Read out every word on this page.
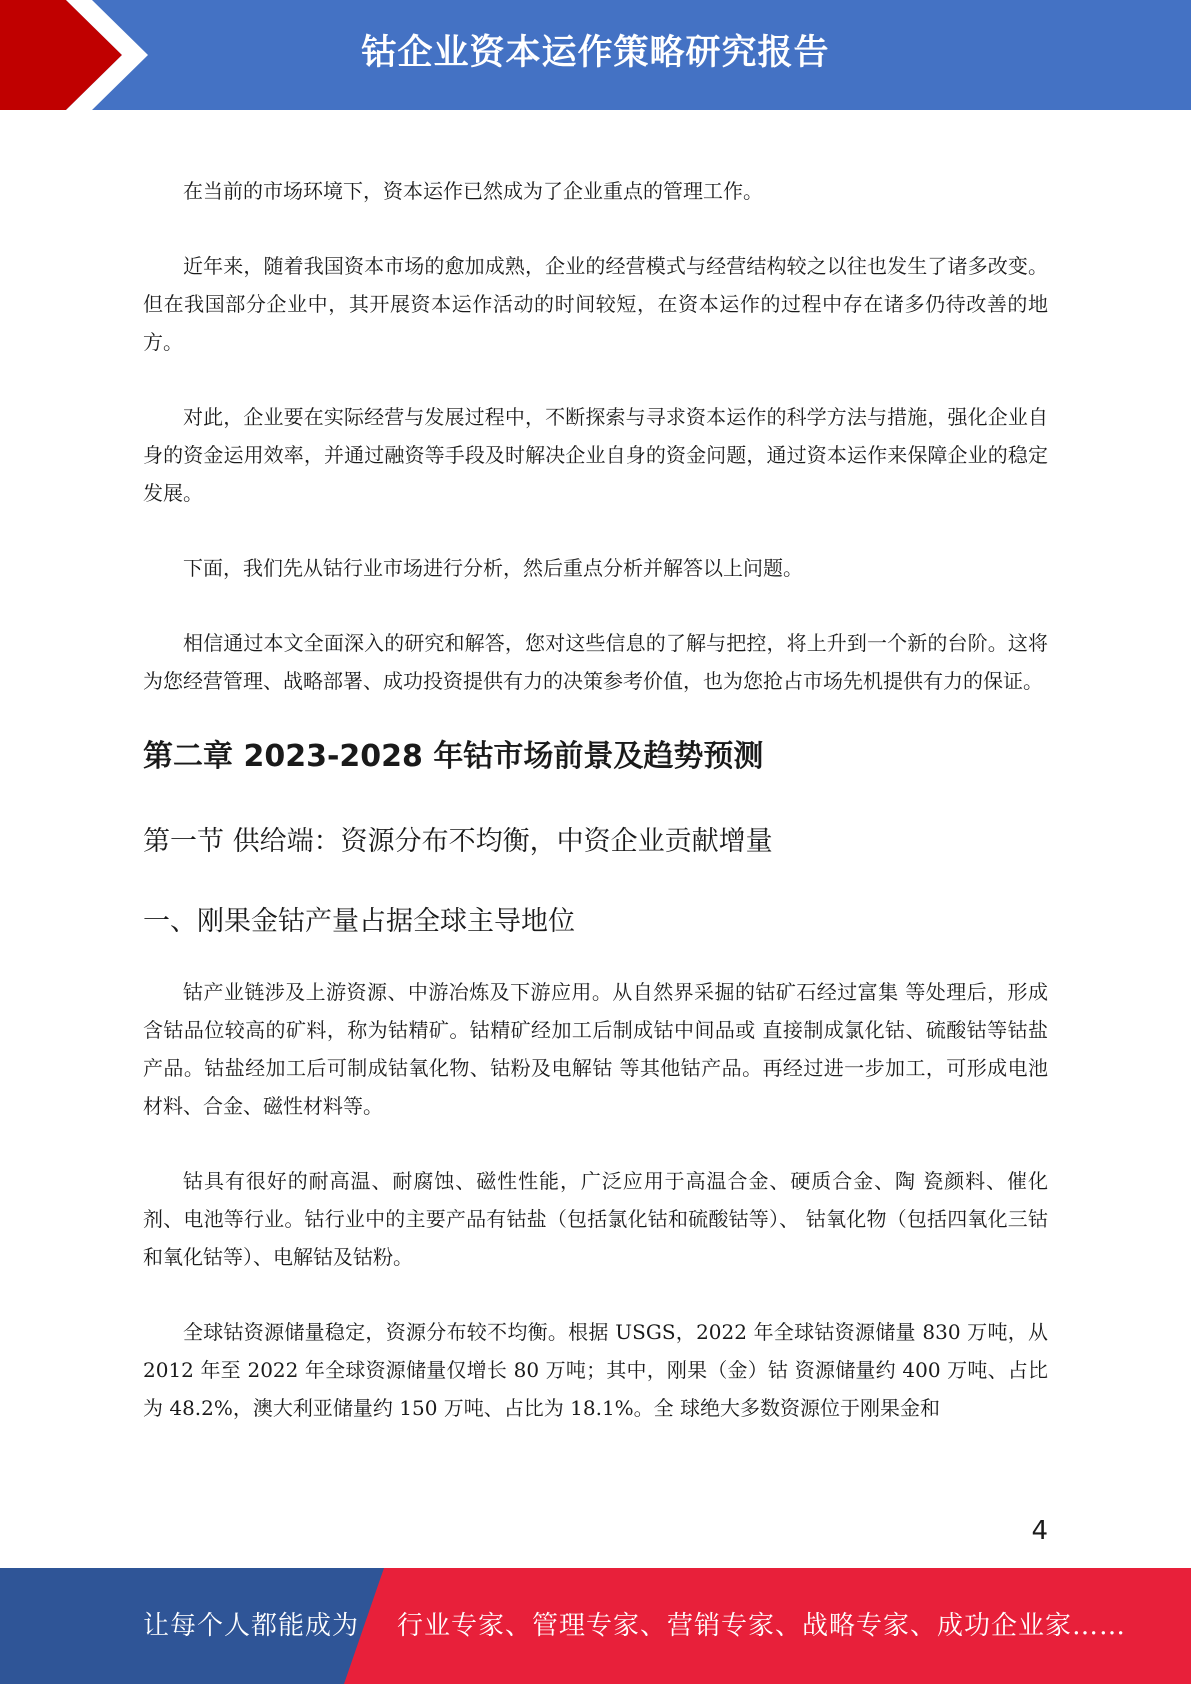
钴企业资本运作策略研究报告

在当前的市场环境下，资本运作已然成为了企业重点的管理工作。

近年来，随着我国资本市场的愈加成熟，企业的经营模式与经营结构较之以往也发生了诸多改变。但在我国部分企业中，其开展资本运作活动的时间较短，在资本运作的过程中存在诸多仍待改善的地方。

对此，企业要在实际经营与发展过程中，不断探索与寻求资本运作的科学方法与措施，强化企业自身的资金运用效率，并通过融资等手段及时解决企业自身的资金问题，通过资本运作来保障企业的稳定发展。

下面，我们先从钴行业市场进行分析，然后重点分析并解答以上问题。

相信通过本文全面深入的研究和解答，您对这些信息的了解与把控，将上升到一个新的台阶。这将为您经营管理、战略部署、成功投资提供有力的决策参考价值，也为您抢占市场先机提供有力的保证。

第二章 2023-2028 年钴市场前景及趋势预测
第一节 供给端：资源分布不均衡，中资企业贡献增量
一、刚果金钴产量占据全球主导地位

钴产业链涉及上游资源、中游冶炼及下游应用。从自然界采掘的钴矿石经过富集 等处理后，形成含钴品位较高的矿料，称为钴精矿。钴精矿经加工后制成钴中间品或 直接制成氯化钴、硫酸钴等钴盐产品。钴盐经加工后可制成钴氧化物、钴粉及电解钴 等其他钴产品。再经过进一步加工，可形成电池材料、合金、磁性材料等。

钴具有很好的耐高温、耐腐蚀、磁性性能，广泛应用于高温合金、硬质合金、陶 瓷颜料、催化剂、电池等行业。钴行业中的主要产品有钴盐（包括氯化钴和硫酸钴等）、 钴氧化物（包括四氧化三钴和氧化钴等）、电解钴及钴粉。

全球钴资源储量稳定，资源分布较不均衡。根据 USGS，2022 年全球钴资源储量 830 万吨，从 2012 年至 2022 年全球资源储量仅增长 80 万吨；其中，刚果（金）钴 资源储量约 400 万吨、占比为 48.2%，澳大利亚储量约 150 万吨、占比为 18.1%。全 球绝大多数资源位于刚果金和

4
让每个人都能成为 行业专家、管理专家、营销专家、战略专家、成功企业家……
